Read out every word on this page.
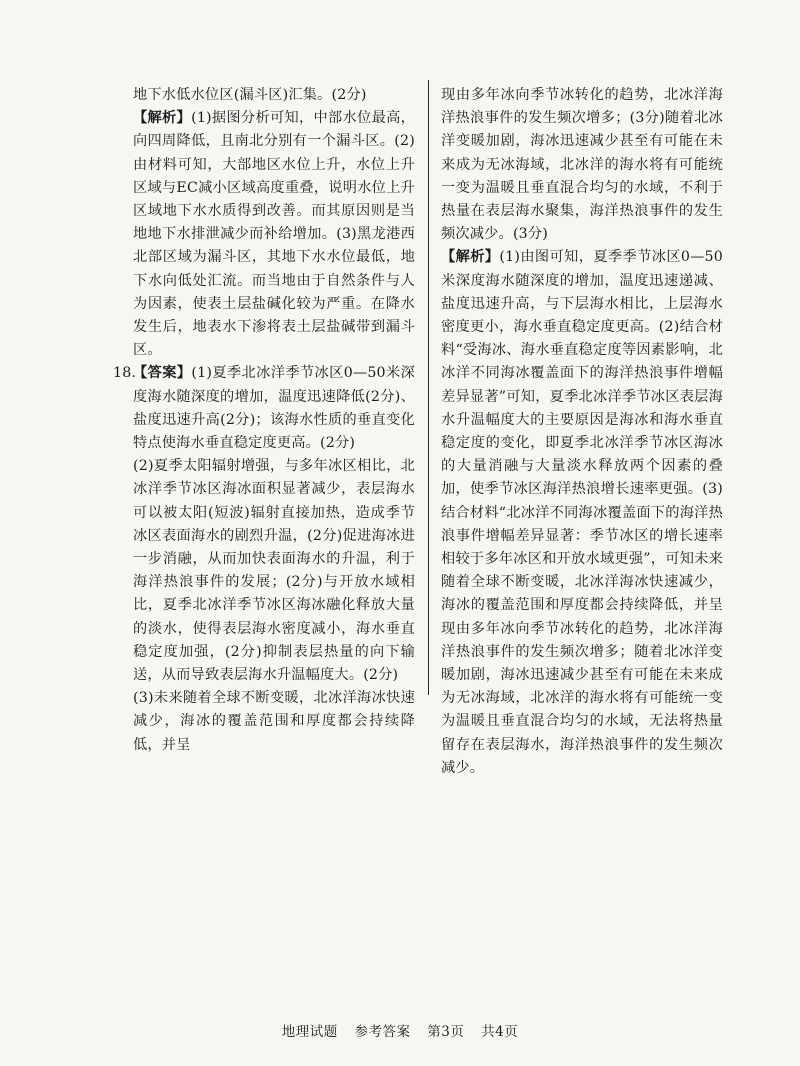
地下水低水位区(漏斗区)汇集。(2分)

【解析】(1)据图分析可知，中部水位最高，向四周降低，且南北分别有一个漏斗区。(2)由材料可知，大部地区水位上升，水位上升区域与EC减小区域高度重叠，说明水位上升区域地下水水质得到改善。而其原因则是当地地下水排泄减少而补给增加。(3)黑龙港西北部区域为漏斗区，其地下水水位最低，地下水向低处汇流。而当地由于自然条件与人为因素，使表土层盐碱化较为严重。在降水发生后，地表水下渗将表土层盐碱带到漏斗区。

18.
【答案】(1)夏季北冰洋季节冰区0—50米深度海水随深度的增加，温度迅速降低(2分)、盐度迅速升高(2分)；该海水性质的垂直变化特点使海水垂直稳定度更高。(2分)

(2)夏季太阳辐射增强，与多年冰区相比，北冰洋季节冰区海冰面积显著减少，表层海水可以被太阳(短波)辐射直接加热，造成季节冰区表面海水的剧烈升温，(2分)促进海冰进一步消融，从而加快表面海水的升温，利于海洋热浪事件的发展；(2分)与开放水域相比，夏季北冰洋季节冰区海冰融化释放大量的淡水，使得表层海水密度减小，海水垂直稳定度加强，(2分)抑制表层热量的向下输送，从而导致表层海水升温幅度大。(2分)

(3)未来随着全球不断变暖，北冰洋海冰快速减少，海冰的覆盖范围和厚度都会持续降低，并呈

现由多年冰向季节冰转化的趋势，北冰洋海洋热浪事件的发生频次增多；(3分)随着北冰洋变暖加剧，海冰迅速减少甚至有可能在未来成为无冰海域，北冰洋的海水将有可能统一变为温暖且垂直混合均匀的水域，不利于热量在表层海水聚集，海洋热浪事件的发生频次减少。(3分)

【解析】(1)由图可知，夏季季节冰区0—50米深度海水随深度的增加，温度迅速递减、盐度迅速升高，与下层海水相比，上层海水密度更小，海水垂直稳定度更高。(2)结合材料“受海冰、海水垂直稳定度等因素影响，北冰洋不同海冰覆盖面下的海洋热浪事件增幅差异显著”可知，夏季北冰洋季节冰区表层海水升温幅度大的主要原因是海冰和海水垂直稳定度的变化，即夏季北冰洋季节冰区海冰的大量消融与大量淡水释放两个因素的叠加，使季节冰区海洋热浪增长速率更强。(3)结合材料“北冰洋不同海冰覆盖面下的海洋热浪事件增幅差异显著：季节冰区的增长速率相较于多年冰区和开放水域更强”，可知未来随着全球不断变暖，北冰洋海冰快速减少，海冰的覆盖范围和厚度都会持续降低，并呈现由多年冰向季节冰转化的趋势，北冰洋海洋热浪事件的发生频次增多；随着北冰洋变暖加剧，海冰迅速减少甚至有可能在未来成为无冰海域，北冰洋的海水将有可能统一变为温暖且垂直混合均匀的水域，无法将热量留存在表层海水，海洋热浪事件的发生频次减少。

地理试题 参考答案 第3页 共4页
